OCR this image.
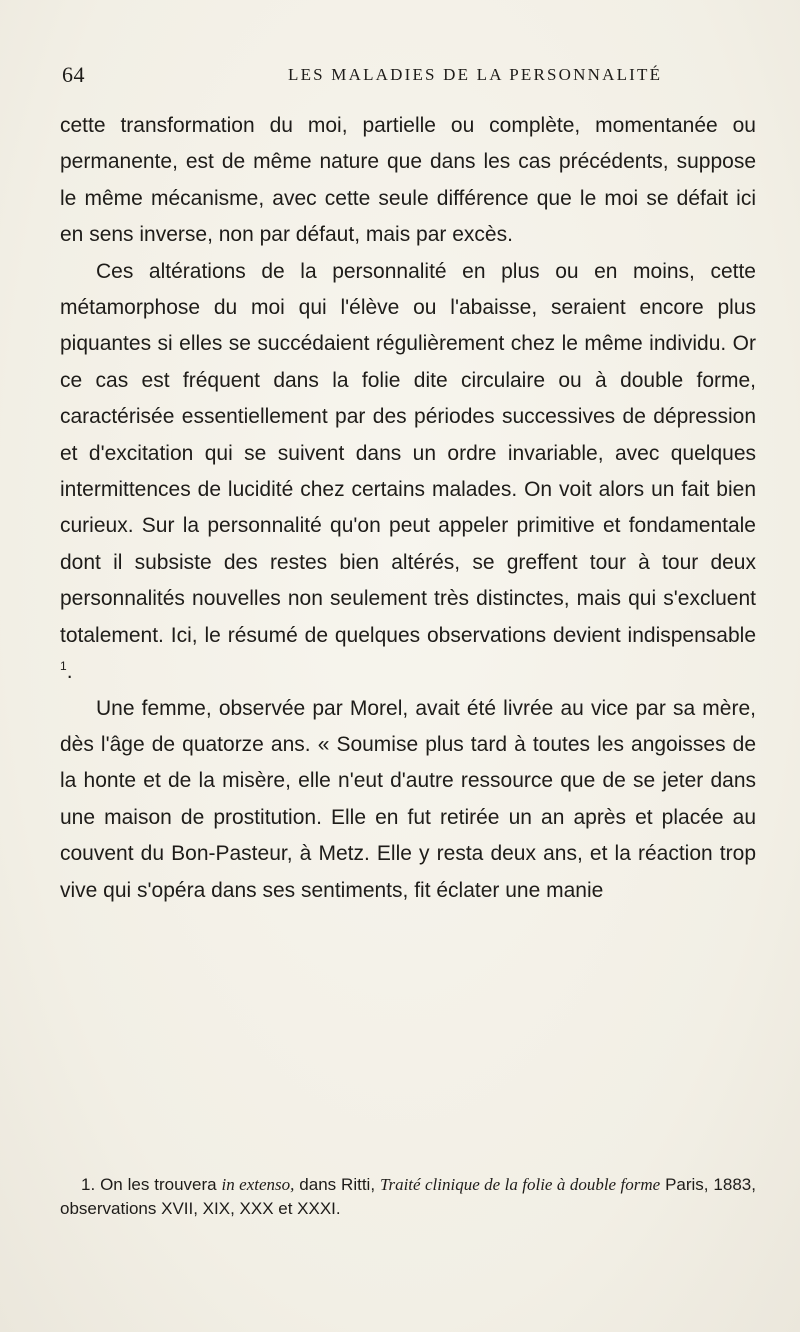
64	LES MALADIES DE LA PERSONNALITÉ

cette transformation du moi, partielle ou complète, momentanée ou permanente, est de même nature que dans les cas précédents, suppose le même mécanisme, avec cette seule différence que le moi se défait ici en sens inverse, non par défaut, mais par excès.

Ces altérations de la personnalité en plus ou en moins, cette métamorphose du moi qui l'élève ou l'abaisse, seraient encore plus piquantes si elles se succédaient régulièrement chez le même individu. Or ce cas est fréquent dans la folie dite circulaire ou à double forme, caractérisée essentiellement par des périodes successives de dépression et d'excitation qui se suivent dans un ordre invariable, avec quelques intermittences de lucidité chez certains malades. On voit alors un fait bien curieux. Sur la personnalité qu'on peut appeler primitive et fondamentale dont il subsiste des restes bien altérés, se greffent tour à tour deux personnalités nouvelles non seulement très distinctes, mais qui s'excluent totalement. Ici, le résumé de quelques observations devient indispensable $^1$.

Une femme, observée par Morel, avait été livrée au vice par sa mère, dès l'âge de quatorze ans. « Soumise plus tard à toutes les angoisses de la honte et de la misère, elle n'eut d'autre ressource que de se jeter dans une maison de prostitution. Elle en fut retirée un an après et placée au couvent du Bon-Pasteur, à Metz. Elle y resta deux ans, et la réaction trop vive qui s'opéra dans ses sentiments, fit éclater une manie

1. On les trouvera in extenso, dans Ritti, Traité clinique de la folie à double forme Paris, 1883, observations XVII, XIX, XXX et XXXI.
